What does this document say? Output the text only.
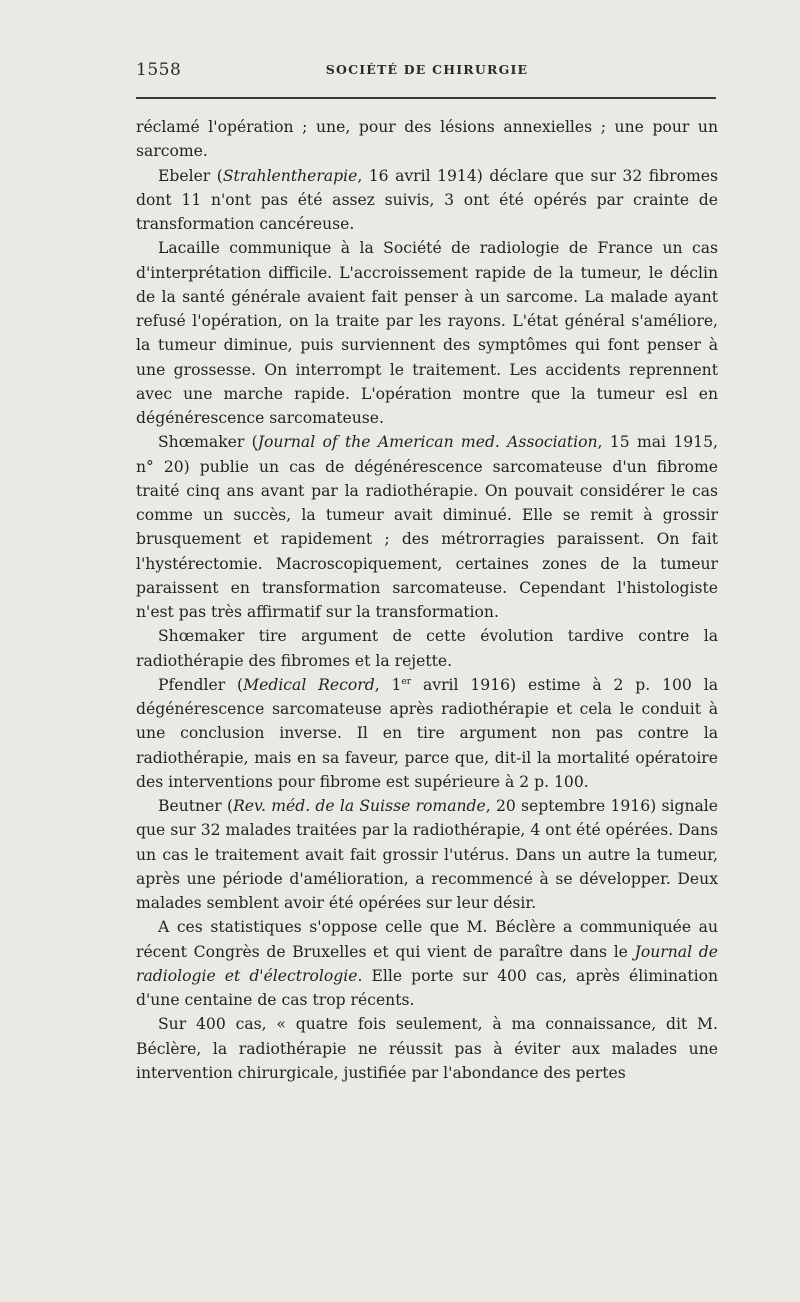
1558	SOCIÉTÉ DE CHIRURGIE

réclamé l'opération ; une, pour des lésions annexielles ; une pour un sarcome.

Ebeler (Strahlentherapie, 16 avril 1914) déclare que sur 32 fibromes dont 11 n'ont pas été assez suivis, 3 ont été opérés par crainte de transformation cancéreuse.

Lacaille communique à la Société de radiologie de France un cas d'interprétation difficile. L'accroissement rapide de la tumeur, le déclin de la santé générale avaient fait penser à un sarcome. La malade ayant refusé l'opération, on la traite par les rayons. L'état général s'améliore, la tumeur diminue, puis surviennent des symptômes qui font penser à une grossesse. On interrompt le traitement. Les accidents reprennent avec une marche rapide. L'opération montre que la tumeur esl en dégénérescence sarcomateuse.

Shœmaker (Journal of the American med. Association, 15 mai 1915, n° 20) publie un cas de dégénérescence sarcomateuse d'un fibrome traité cinq ans avant par la radiothérapie. On pouvait considérer le cas comme un succès, la tumeur avait diminué. Elle se remit à grossir brusquement et rapidement ; des métrorragies paraissent. On fait l'hystérectomie. Macroscopiquement, certaines zones de la tumeur paraissent en transformation sarcomateuse. Cependant l'histologiste n'est pas très affirmatif sur la transformation.

Shœmaker tire argument de cette évolution tardive contre la radiothérapie des fibromes et la rejette.

Pfendler (Medical Record, 1er avril 1916) estime à 2 p. 100 la dégénérescence sarcomateuse après radiothérapie et cela le conduit à une conclusion inverse. Il en tire argument non pas contre la radiothérapie, mais en sa faveur, parce que, dit-il la mortalité opératoire des interventions pour fibrome est supérieure à 2 p. 100.

Beutner (Rev. méd. de la Suisse romande, 20 septembre 1916) signale que sur 32 malades traitées par la radiothérapie, 4 ont été opérées. Dans un cas le traitement avait fait grossir l'utérus. Dans un autre la tumeur, après une période d'amélioration, a recommencé à se développer. Deux malades semblent avoir été opérées sur leur désir.

A ces statistiques s'oppose celle que M. Béclère a communiquée au récent Congrès de Bruxelles et qui vient de paraître dans le Journal de radiologie et d'électrologie. Elle porte sur 400 cas, après élimination d'une centaine de cas trop récents.

Sur 400 cas, « quatre fois seulement, à ma connaissance, dit M. Béclère, la radiothérapie ne réussit pas à éviter aux malades une intervention chirurgicale, justifiée par l'abondance des pertes
